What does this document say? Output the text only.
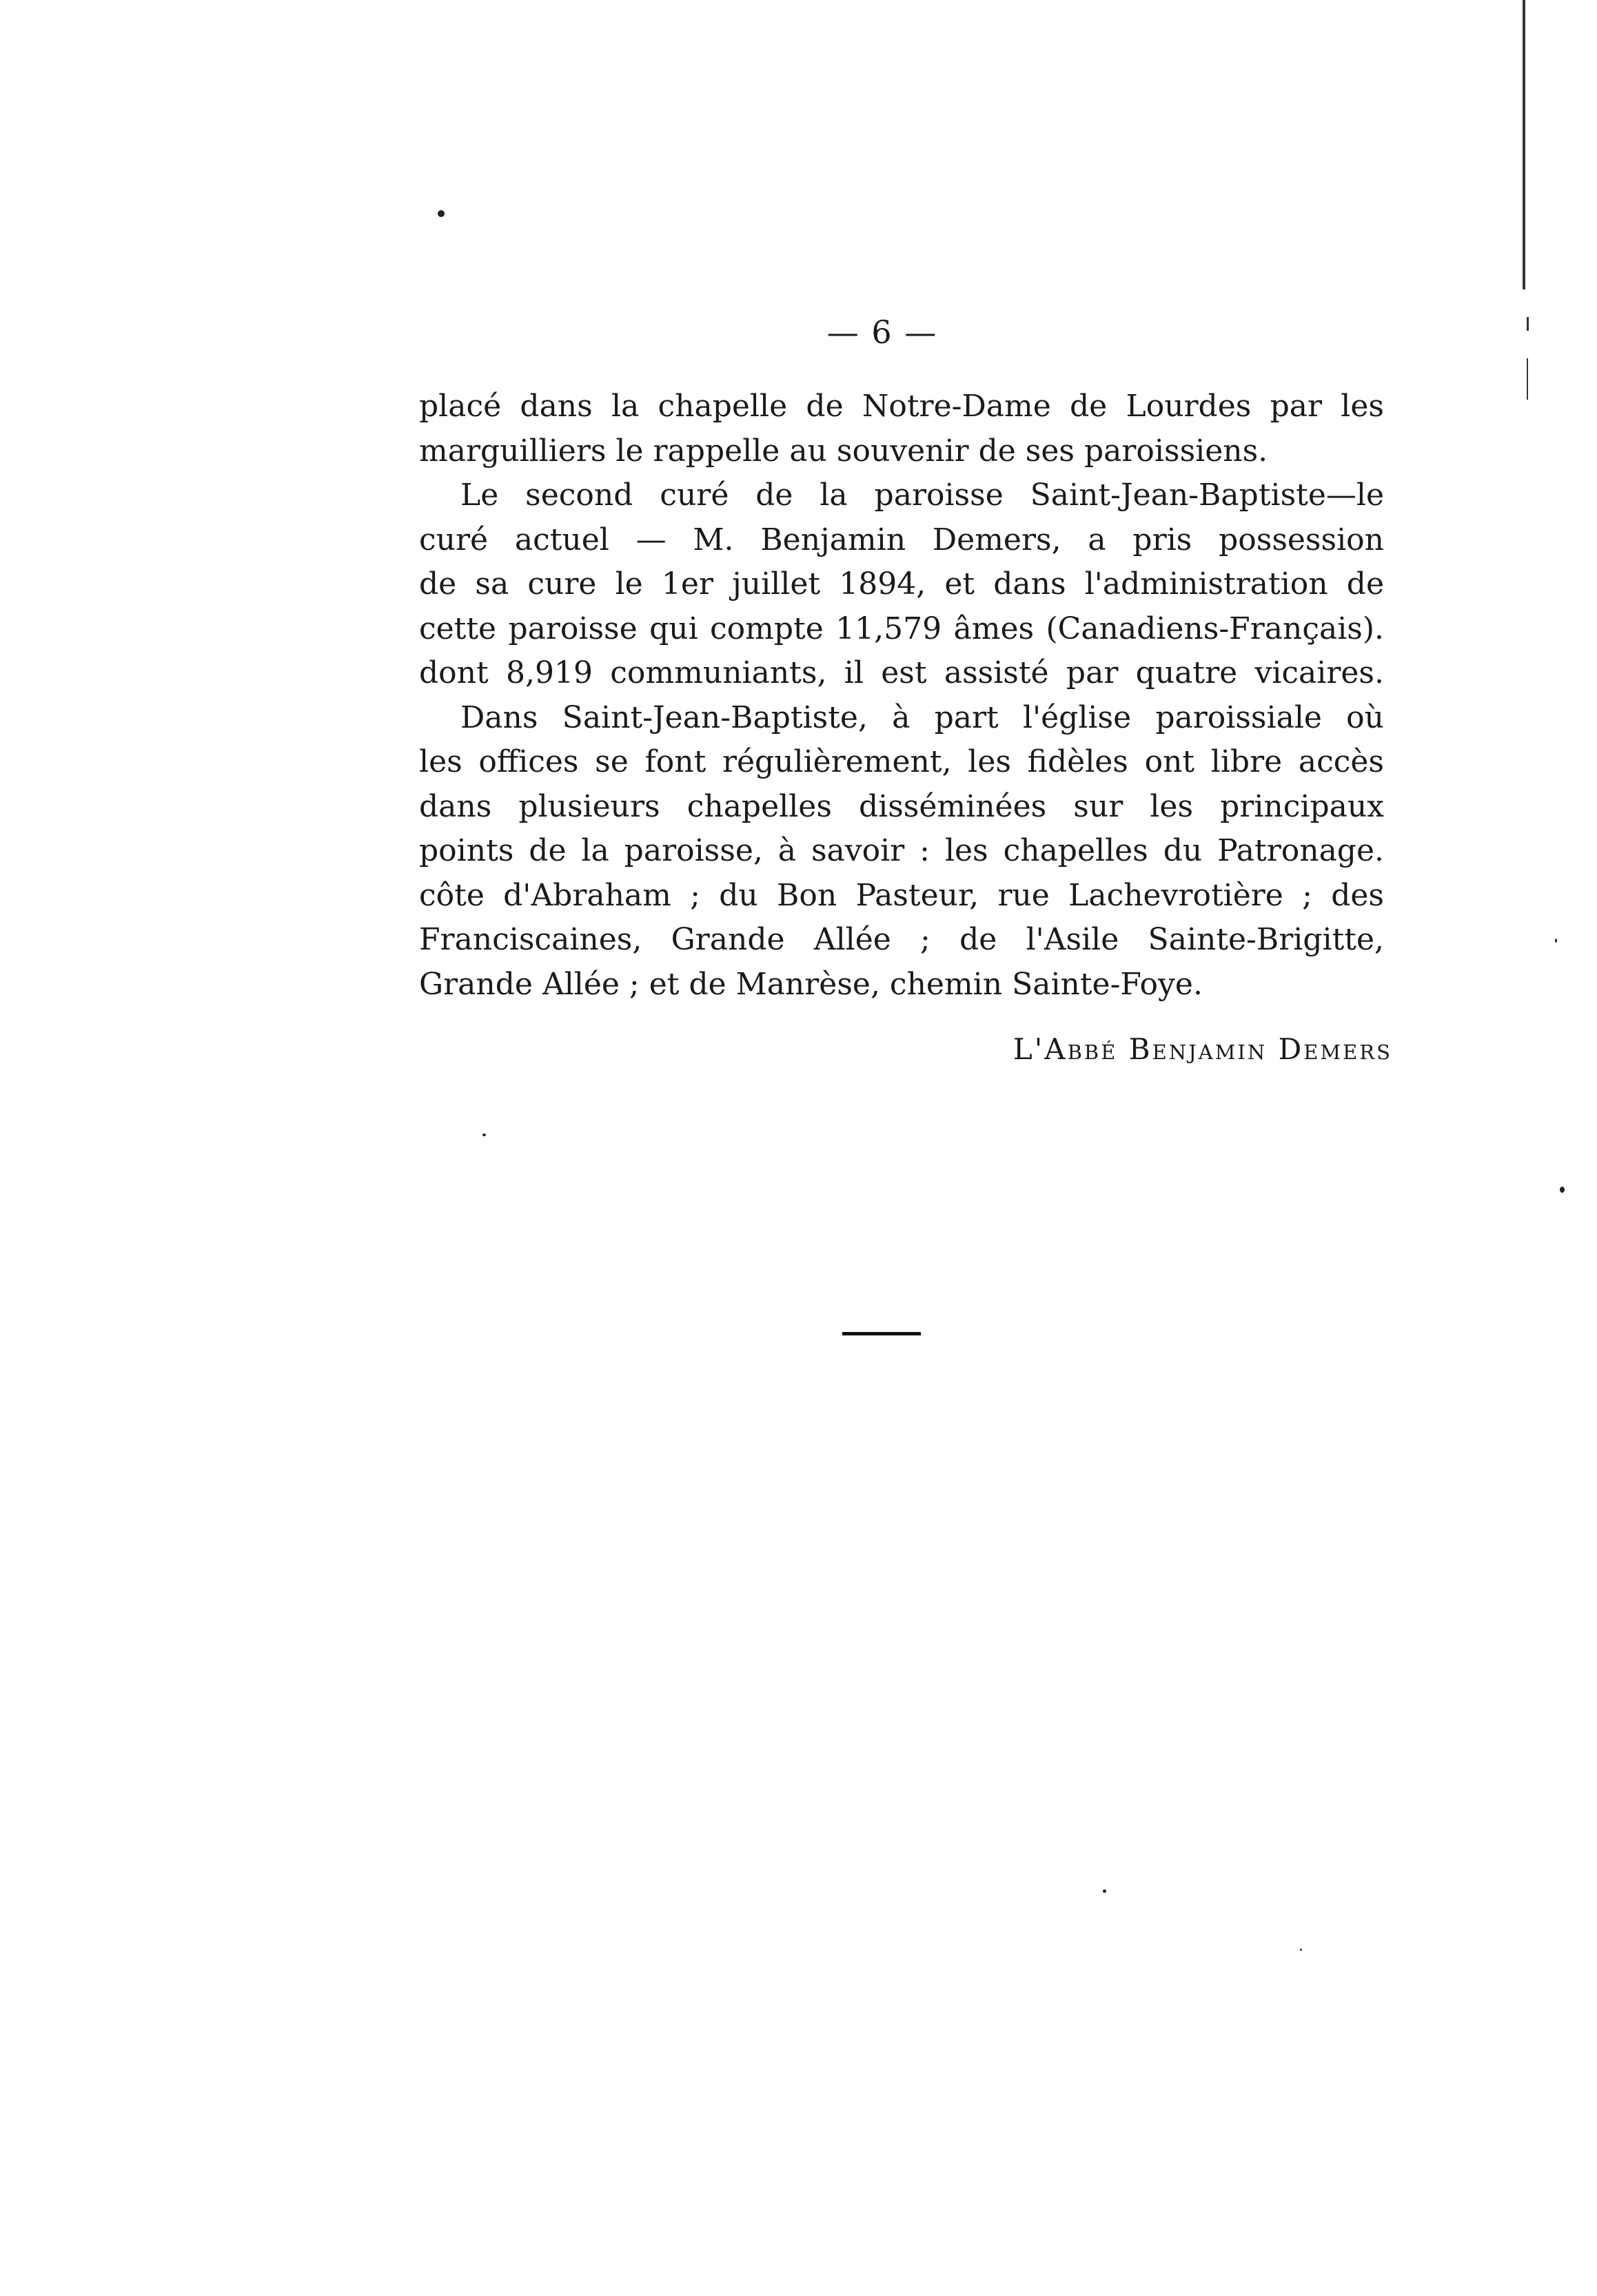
— 6 —
placé dans la chapelle de Notre-Dame de Lourdes par les
marguilliers le rappelle au souvenir de ses paroissiens.
Le second curé de la paroisse Saint-Jean-Baptiste—le
curé actuel — M. Benjamin Demers, a pris possession
de sa cure le 1er juillet 1894, et dans l'administration de
cette paroisse qui compte 11,579 âmes (Canadiens-Français).
dont 8,919 communiants, il est assisté par quatre vicaires.
Dans Saint-Jean-Baptiste, à part l'église paroissiale où
les offices se font régulièrement, les fidèles ont libre accès
dans plusieurs chapelles disséminées sur les principaux
points de la paroisse, à savoir : les chapelles du Patronage.
côte d'Abraham ; du Bon Pasteur, rue Lachevrotière ; des
Franciscaines, Grande Allée ; de l'Asile Sainte-Brigitte,
Grande Allée ; et de Manrèse, chemin Sainte-Foye.
L'Abbé Benjamin Demers
